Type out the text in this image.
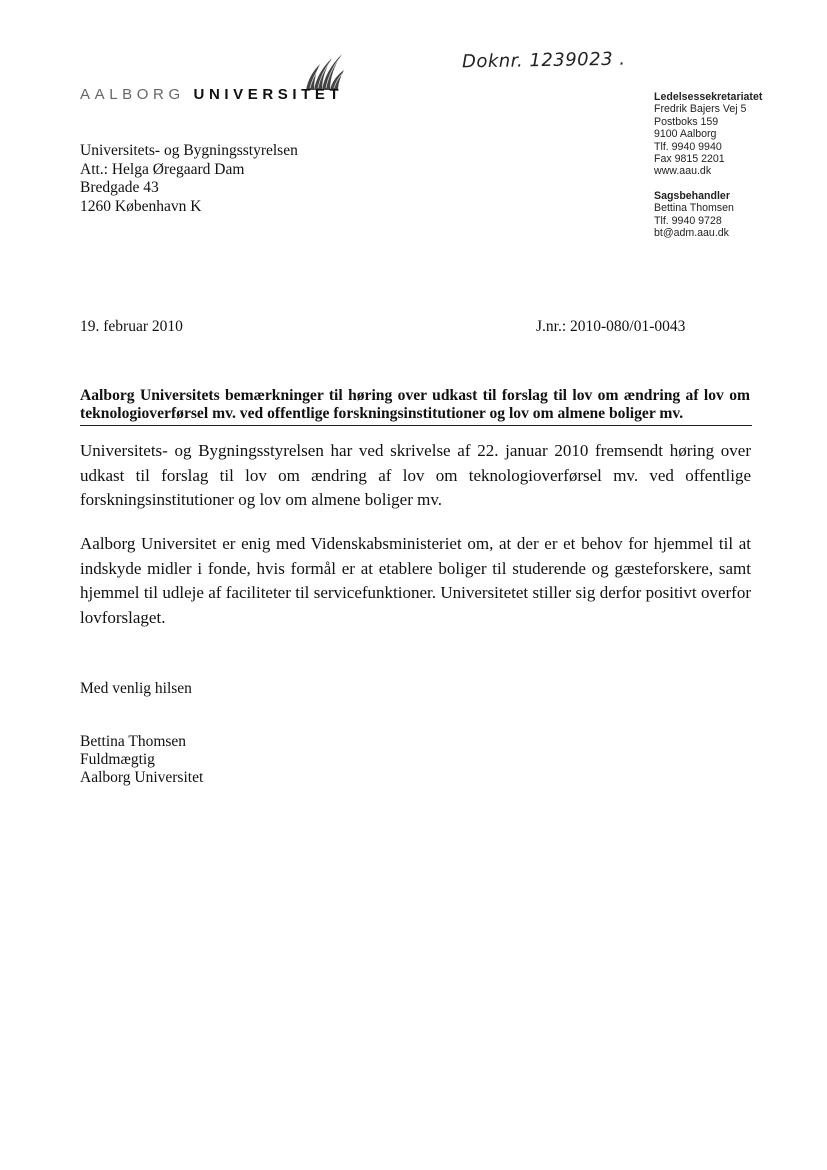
Doknr. 1239023 .
AALBORG UNIVERSITET
Universitets- og Bygningsstyrelsen
Att.: Helga Øregaard Dam
Bredgade 43
1260 København K
Ledelsessekretariatet
Fredrik Bajers Vej 5
Postboks 159
9100 Aalborg
Tlf. 9940 9940
Fax 9815 2201
www.aau.dk
Sagsbehandler
Bettina Thomsen
Tlf. 9940 9728
bt@adm.aau.dk
19. februar 2010	J.nr.: 2010-080/01-0043
Aalborg Universitets bemærkninger til høring over udkast til forslag til lov om ændring af lov om teknologioverførsel mv. ved offentlige forskningsinstitutioner og lov om almene boliger mv.
Universitets- og Bygningsstyrelsen har ved skrivelse af 22. januar 2010 fremsendt høring over udkast til forslag til lov om ændring af lov om teknologioverførsel mv. ved offentlige forskningsinstitutioner og lov om almene boliger mv.
Aalborg Universitet er enig med Videnskabsministeriet om, at der er et behov for hjemmel til at indskyde midler i fonde, hvis formål er at etablere boliger til studerende og gæsteforskere, samt hjemmel til udleje af faciliteter til servicefunktioner. Universitetet stiller sig derfor positivt overfor lovforslaget.
Med venlig hilsen
Bettina Thomsen
Fuldmægtig
Aalborg Universitet
